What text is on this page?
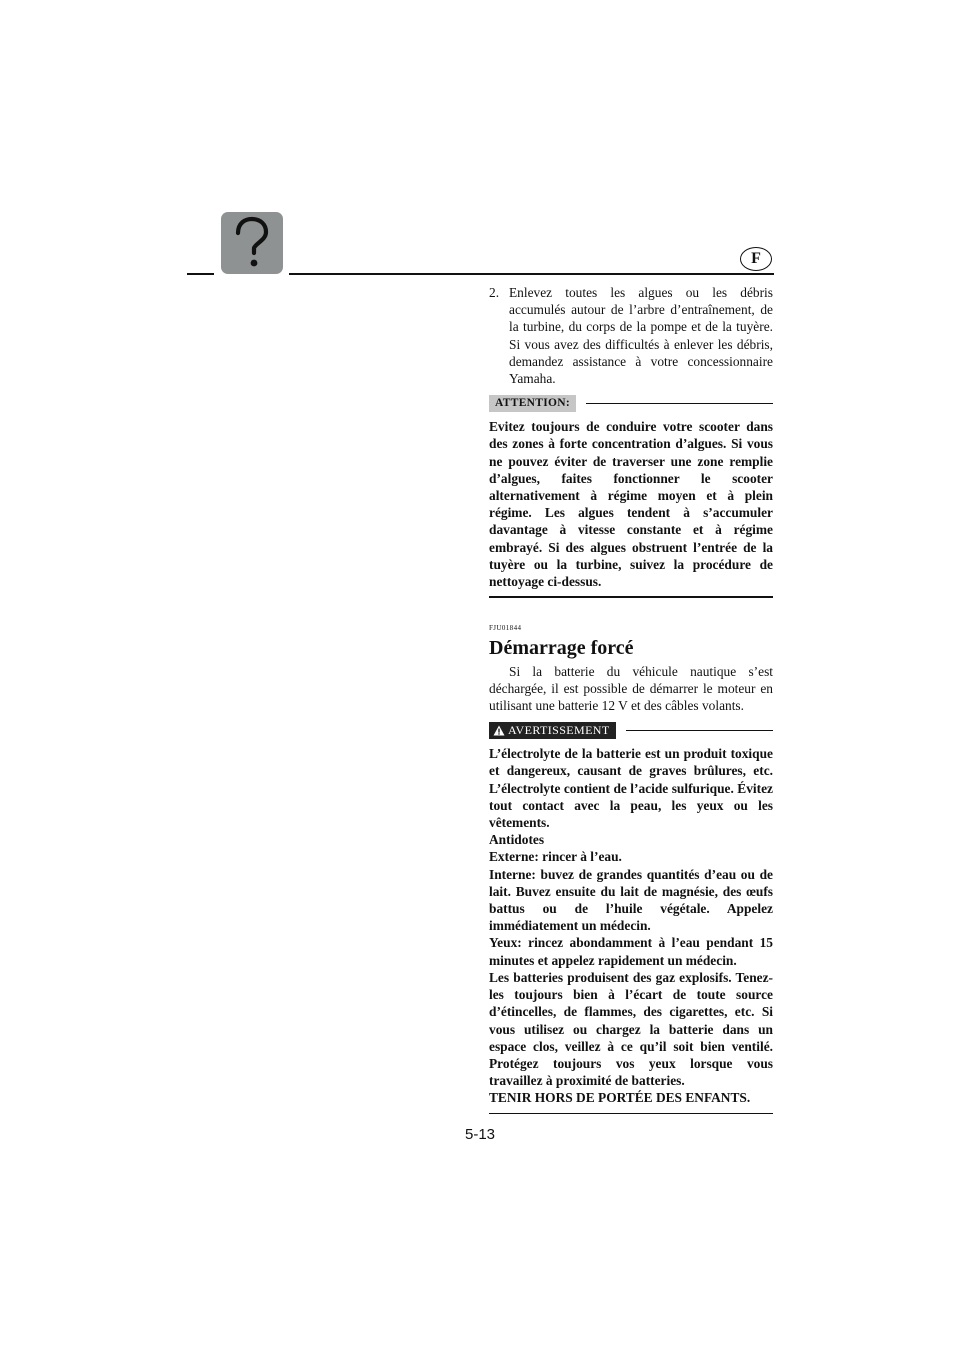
F
2. Enlevez toutes les algues ou les débris accumulés autour de l’arbre d’entraînement, de la turbine, du corps de la pompe et de la tuyère. Si vous avez des difficultés à enlever les débris, demandez assistance à votre concessionnaire Yamaha.
ATTENTION:
Evitez toujours de conduire votre scooter dans des zones à forte concentration d’algues. Si vous ne pouvez éviter de traverser une zone remplie d’algues, faites fonctionner le scooter alternativement à régime moyen et à plein régime. Les algues tendent à s’accumuler davantage à vitesse constante et à régime embrayé. Si des algues obstruent l’entrée de la tuyère ou la turbine, suivez la procédure de nettoyage ci-dessus.
FJU01844
Démarrage forcé
Si la batterie du véhicule nautique s’est déchargée, il est possible de démarrer le moteur en utilisant une batterie 12 V et des câbles volants.
AVERTISSEMENT

L’électrolyte de la batterie est un produit toxique et dangereux, causant de graves brûlures, etc. L’électrolyte contient de l’acide sulfurique. Évitez tout contact avec la peau, les yeux ou les vêtements.

Antidotes

Externe: rincer à l’eau.

Interne: buvez de grandes quantités d’eau ou de lait. Buvez ensuite du lait de magnésie, des œufs battus ou de l’huile végétale. Appelez immédiatement un médecin.

Yeux: rincez abondamment à l’eau pendant 15 minutes et appelez rapidement un médecin.

Les batteries produisent des gaz explosifs. Tenez-les toujours bien à l’écart de toute source d’étincelles, de flammes, des cigarettes, etc. Si vous utilisez ou chargez la batterie dans un espace clos, veillez à ce qu’il soit bien ventilé. Protégez toujours vos yeux lorsque vous travaillez à proximité de batteries.

TENIR HORS DE PORTÉE DES ENFANTS.

5-13
